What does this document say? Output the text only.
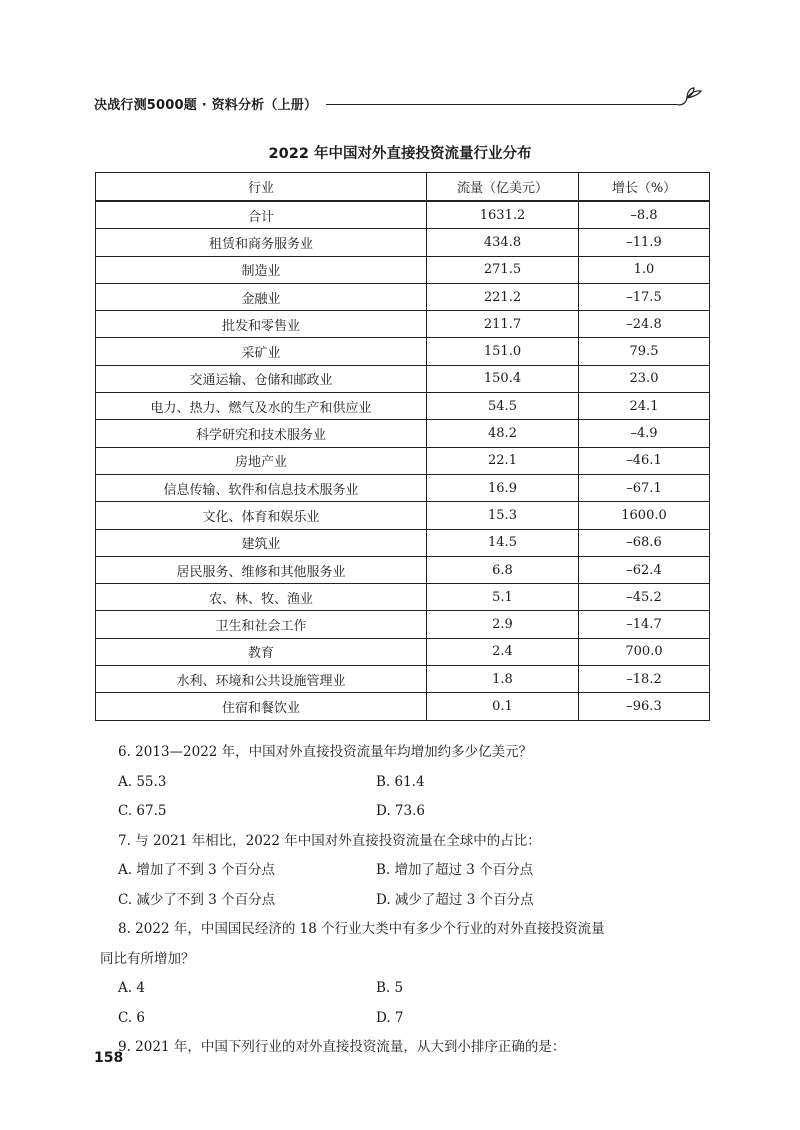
决战行测5000题 · 资料分析（上册）
2022 年中国对外直接投资流量行业分布
行业	流量（亿美元）	增长（%）
合计	1631.2	–8.8
租赁和商务服务业	434.8	–11.9
制造业	271.5	1.0
金融业	221.2	–17.5
批发和零售业	211.7	–24.8
采矿业	151.0	79.5
交通运输、仓储和邮政业	150.4	23.0
电力、热力、燃气及水的生产和供应业	54.5	24.1
科学研究和技术服务业	48.2	–4.9
房地产业	22.1	–46.1
信息传输、软件和信息技术服务业	16.9	–67.1
文化、体育和娱乐业	15.3	1600.0
建筑业	14.5	–68.6
居民服务、维修和其他服务业	6.8	–62.4
农、林、牧、渔业	5.1	–45.2
卫生和社会工作	2.9	–14.7
教育	2.4	700.0
水利、环境和公共设施管理业	1.8	–18.2
住宿和餐饮业	0.1	–96.3
6. 2013—2022 年，中国对外直接投资流量年均增加约多少亿美元？
A. 55.3	B. 61.4
C. 67.5	D. 73.6
7. 与 2021 年相比，2022 年中国对外直接投资流量在全球中的占比：
A. 增加了不到 3 个百分点	B. 增加了超过 3 个百分点
C. 减少了不到 3 个百分点	D. 减少了超过 3 个百分点
8. 2022 年，中国国民经济的 18 个行业大类中有多少个行业的对外直接投资流量
同比有所增加？
A. 4	B. 5
C. 6	D. 7
9. 2021 年，中国下列行业的对外直接投资流量，从大到小排序正确的是：
158
